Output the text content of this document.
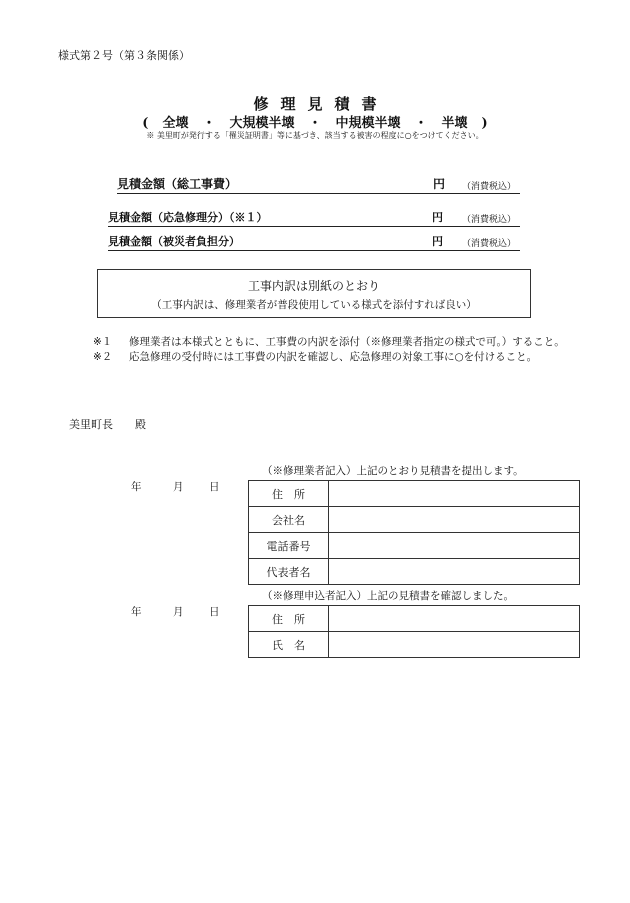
様式第２号（第３条関係）
修理見積書
( 全壊 ・ 大規模半壊 ・ 中規模半壊 ・ 半壊 )
※ 美里町が発行する「罹災証明書」等に基づき、該当する被害の程度に○をつけてください。
見積金額（総工事費）	円 （消費税込）
見積金額（応急修理分）（※１）	円 （消費税込）
見積金額（被災者負担分）	円 （消費税込）
工事内訳は別紙のとおり
（工事内訳は、修理業者が普段使用している様式を添付すれば良い）
※１	修理業者は本様式とともに、工事費の内訳を添付（※修理業者指定の様式で可。）すること。
※２	応急修理の受付時には工事費の内訳を確認し、応急修理の対象工事に○を付けること。
美里町長 殿
（※修理業者記入）上記のとおり見積書を提出します。
年	月 日
住　所	
会社名	
電話番号	
代表者名	
（※修理申込者記入）上記の見積書を確認しました。
年	月 日
住　所	
氏　名	
